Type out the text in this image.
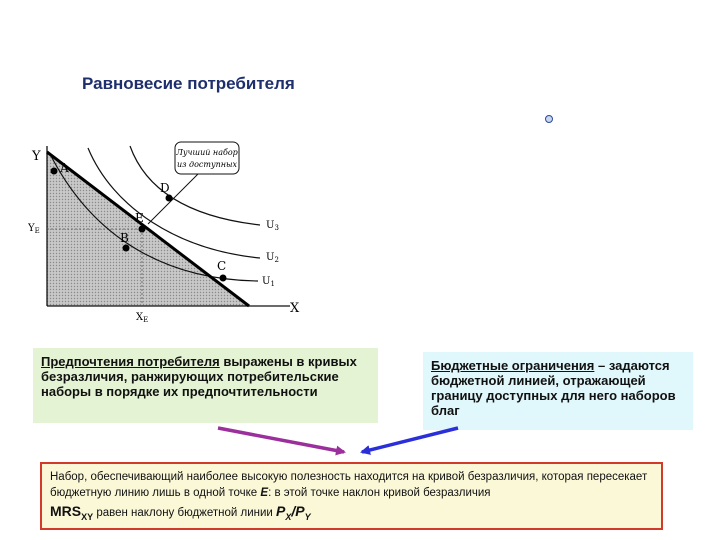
Равновесие потребителя
Лучший набор
из доступных
A
B
C
D
E
$U_3$
$U_2$
$U_1$
Y
X
$Y_E$
$X_E$
Предпочтения потребителя выражены в кривых безразличия, ранжирующих потребительские наборы в порядке их предпочтительности
Бюджетные ограничения – задаются бюджетной линией, отражающей границу доступных для него наборов благ
Набор, обеспечивающий наиболее высокую полезность находится на кривой безразличия, которая пересекает бюджетную линию лишь в одной точке E: в этой точке наклон кривой безразличия
$MRS_{XY}$ равен наклону бюджетной линии $P_X/P_Y$
